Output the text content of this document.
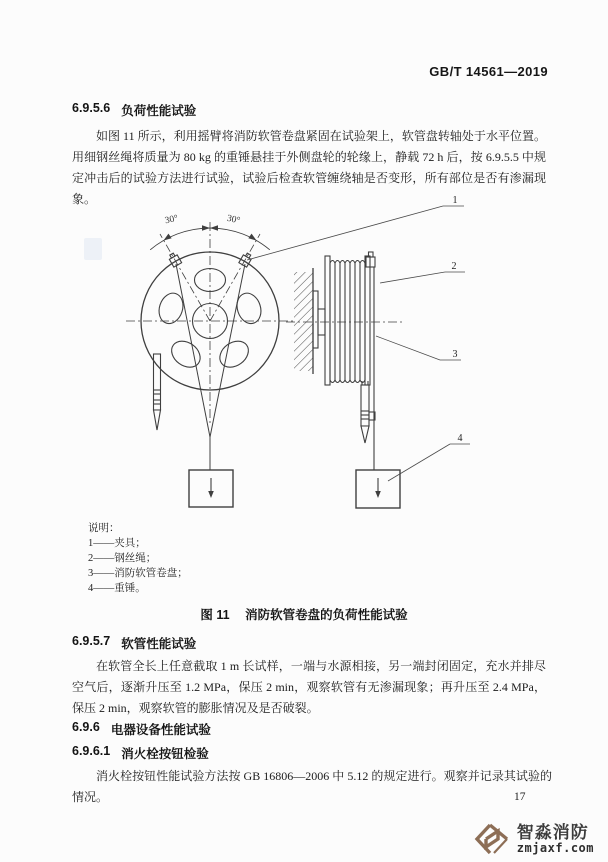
GB/T 14561—2019
6.9.5.6 负荷性能试验
如图 11 所示，利用摇臂将消防软管卷盘紧固在试验架上，软管盘转轴处于水平位置。用细钢丝绳将质量为 80 kg 的重锤悬挂于外侧盘轮的轮缘上，静载 72 h 后，按 6.9.5.5 中规定冲击后的试验方法进行试验，试验后检查软管缠绕轴是否变形，所有部位是否有渗漏现象。
30°	30°
1
2
3
4
说明：
1——夹具；
2——钢丝绳；
3——消防软管卷盘；
4——重锤。
图 11 消防软管卷盘的负荷性能试验
6.9.5.7 软管性能试验
在软管全长上任意截取 1 m 长试样，一端与水源相接，另一端封闭固定，充水并排尽空气后，逐渐升压至 1.2 MPa，保压 2 min，观察软管有无渗漏现象；再升压至 2.4 MPa，保压 2 min，观察软管的膨胀情况及是否破裂。
6.9.6 电器设备性能试验
6.9.6.1 消火栓按钮检验
消火栓按钮性能试验方法按 GB 16806—2006 中 5.12 的规定进行。观察并记录其试验的情况。	17
智淼消防
zmjaxf.com
